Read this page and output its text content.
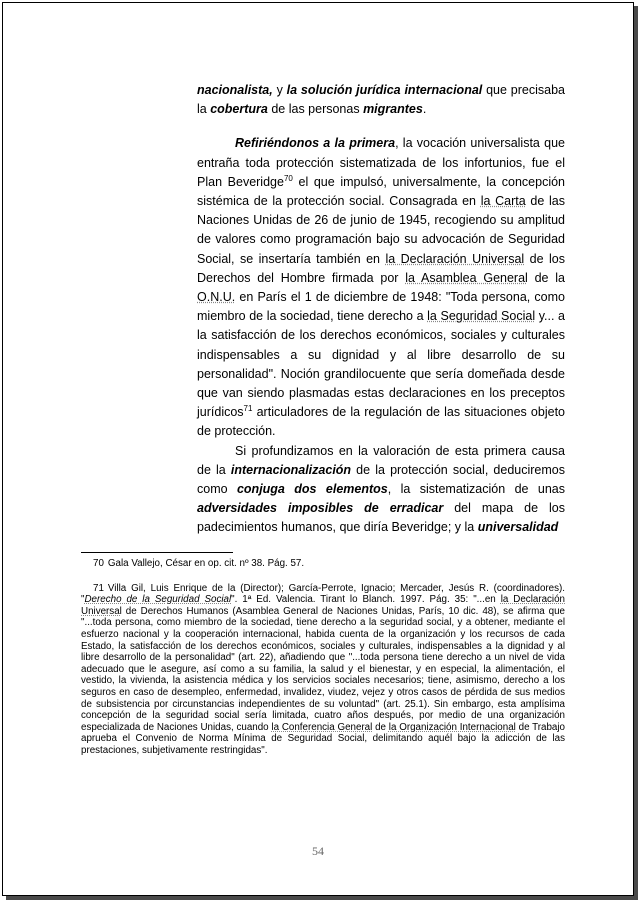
nacionalista, y la solución jurídica internacional que precisaba la cobertura de las personas migrantes.

Refiriéndonos a la primera, la vocación universalista que entraña toda protección sistematizada de los infortunios, fue el Plan Beveridge$^{70}$ el que impulsó, universalmente, la concepción sistémica de la protección social. Consagrada en la Carta de las Naciones Unidas de 26 de junio de 1945, recogiendo su amplitud de valores como programación bajo su advocación de Seguridad Social, se insertaría también en la Declaración Universal de los Derechos del Hombre firmada por la Asamblea General de la O.N.U. en París el 1 de diciembre de 1948: "Toda persona, como miembro de la sociedad, tiene derecho a la Seguridad Social y... a la satisfacción de los derechos económicos, sociales y culturales indispensables a su dignidad y al libre desarrollo de su personalidad". Noción grandilocuente que sería domeñada desde que van siendo plasmadas estas declaraciones en los preceptos jurídicos$^{71}$ articuladores de la regulación de las situaciones objeto de protección.

Si profundizamos en la valoración de esta primera causa de la internacionalización de la protección social, deduciremos como conjuga dos elementos, la sistematización de unas adversidades imposibles de erradicar del mapa de los padecimientos humanos, que diría Beveridge; y la universalidad

70 Gala Vallejo, César en op. cit. nº 38. Pág. 57.

71 Villa Gil, Luis Enrique de la (Director); García-Perrote, Ignacio; Mercader, Jesús R. (coordinadores). "Derecho de la Seguridad Social". 1ª Ed. Valencia. Tirant lo Blanch. 1997. Pág. 35: "...en la Declaración Universal de Derechos Humanos (Asamblea General de Naciones Unidas, París, 10 dic. 48), se afirma que "...toda persona, como miembro de la sociedad, tiene derecho a la seguridad social, y a obtener, mediante el esfuerzo nacional y la cooperación internacional, habida cuenta de la organización y los recursos de cada Estado, la satisfacción de los derechos económicos, sociales y culturales, indispensables a la dignidad y al libre desarrollo de la personalidad" (art. 22), añadiendo que "...toda persona tiene derecho a un nivel de vida adecuado que le asegure, así como a su familia, la salud y el bienestar, y en especial, la alimentación, el vestido, la vivienda, la asistencia médica y los servicios sociales necesarios; tiene, asimismo, derecho a los seguros en caso de desempleo, enfermedad, invalidez, viudez, vejez y otros casos de pérdida de sus medios de subsistencia por circunstancias independientes de su voluntad" (art. 25.1). Sin embargo, esta amplísima concepción de la seguridad social sería limitada, cuatro años después, por medio de una organización especializada de Naciones Unidas, cuando la Conferencia General de la Organización Internacional de Trabajo aprueba el Convenio de Norma Mínima de Seguridad Social, delimitando aquél bajo la adicción de las prestaciones, subjetivamente restringidas".

54
